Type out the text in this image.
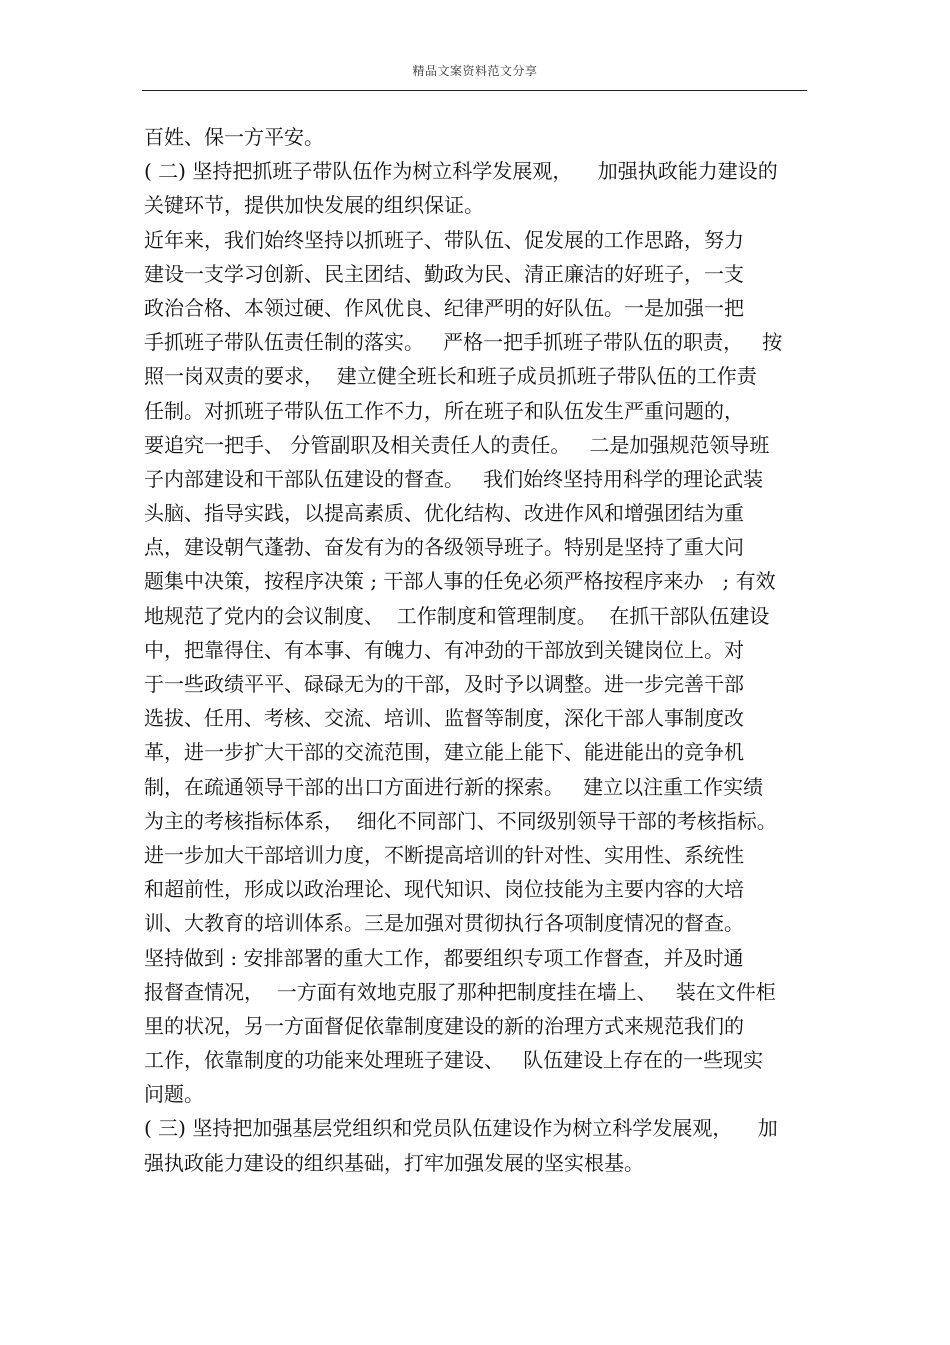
精品文案资料范文分享
百姓、保一方平安。
( 二) 坚持把抓班子带队伍作为树立科学发展观，    加强执政能力建设的
关键环节，提供加快发展的组织保证。
近年来，我们始终坚持以抓班子、带队伍、促发展的工作思路，努力
建设一支学习创新、民主团结、勤政为民、清正廉洁的好班子，一支
政治合格、本领过硬、作风优良、纪律严明的好队伍。一是加强一把
手抓班子带队伍责任制的落实。   严格一把手抓班子带队伍的职责，   按
照一岗双责的要求，  建立健全班长和班子成员抓班子带队伍的工作责
任制。对抓班子带队伍工作不力，所在班子和队伍发生严重问题的，
要追究一把手、 分管副职及相关责任人的责任。   二是加强规范领导班
子内部建设和干部队伍建设的督查。   我们始终坚持用科学的理论武装
头脑、指导实践，以提高素质、优化结构、改进作风和增强团结为重
点，建设朝气蓬勃、奋发有为的各级领导班子。特别是坚持了重大问
题集中决策，按程序决策 ; 干部人事的任免必须严格按程序来办   ; 有效
地规范了党内的会议制度、  工作制度和管理制度。  在抓干部队伍建设
中，把靠得住、有本事、有魄力、有冲劲的干部放到关键岗位上。对
于一些政绩平平、碌碌无为的干部，及时予以调整。进一步完善干部
选拔、任用、考核、交流、培训、监督等制度，深化干部人事制度改
革，进一步扩大干部的交流范围，建立能上能下、能进能出的竞争机
制，在疏通领导干部的出口方面进行新的探索。   建立以注重工作实绩
为主的考核指标体系，  细化不同部门、不同级别领导干部的考核指标。
进一步加大干部培训力度，不断提高培训的针对性、实用性、系统性
和超前性，形成以政治理论、现代知识、岗位技能为主要内容的大培
训、大教育的培训体系。三是加强对贯彻执行各项制度情况的督查。
坚持做到 : 安排部署的重大工作，都要组织专项工作督查，并及时通
报督查情况，  一方面有效地克服了那种把制度挂在墙上、   装在文件柜
里的状况，另一方面督促依靠制度建设的新的治理方式来规范我们的
工作，依靠制度的功能来处理班子建设、   队伍建设上存在的一些现实
问题。
( 三) 坚持把加强基层党组织和党员队伍建设作为树立科学发展观，    加
强执政能力建设的组织基础，打牢加强发展的坚实根基。
